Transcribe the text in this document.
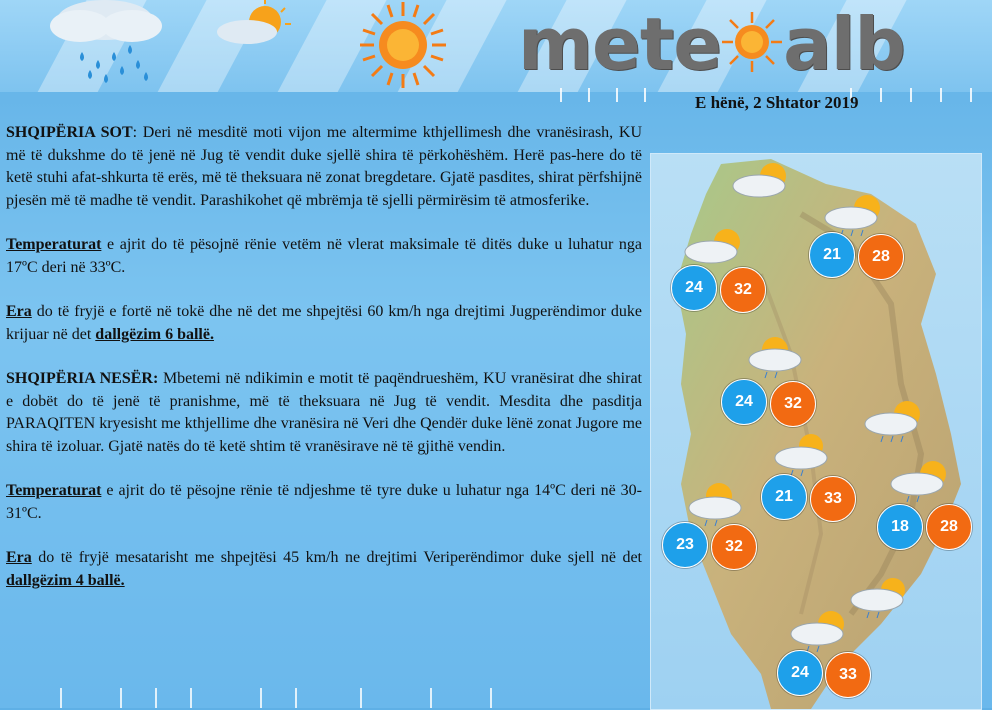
mete alb
E hënë, 2 Shtator 2019

SHQIPËRIA SOT: Deri në mesditë moti vijon me altermime kthjellimesh dhe vranësirash, KU më të dukshme do të jenë në Jug të vendit duke sjellë shira të përkohëshëm. Herë pas-here do të ketë stuhi afat-shkurta të erës, më të theksuara në zonat bregdetare. Gjatë pasdites, shirat përfshijnë pjesën më të madhe të vendit. Parashikohet që mbrëmja të sjelli përmirësim të atmosferike.

Temperaturat e ajrit do të pësojnë rënie vetëm në vlerat maksimale të ditës duke u luhatur nga 17ºC deri në 33ºC.

Era do të fryjë e fortë në tokë dhe në det me shpejtësi 60 km/h nga drejtimi Jugperëndimor duke krijuar në det dallgëzim 6 ballë.

SHQIPËRIA NESËR: Mbetemi në ndikimin e motit të paqëndrueshëm, KU vranësirat dhe shirat e dobët do të jenë të pranishme, më të theksuara në Jug të vendit. Mesdita dhe pasditja PARAQITEN kryesisht me kthjellime dhe vranësira në Veri dhe Qendër duke lënë zonat Jugore me shira të izoluar. Gjatë natës do të ketë shtim të vranësirave në të gjithë vendin.

Temperaturat e ajrit do të pësojne rënie të ndjeshme të tyre duke u luhatur nga 14ºC deri në 30-31ºC.

Era do të fryjë mesatarisht me shpejtësi 45 km/h ne drejtimi Veriperëndimor duke sjell në det dallgëzim 4 ballë.

21	28
24	32
24	32
21	33
18	28
23	32
24	33
